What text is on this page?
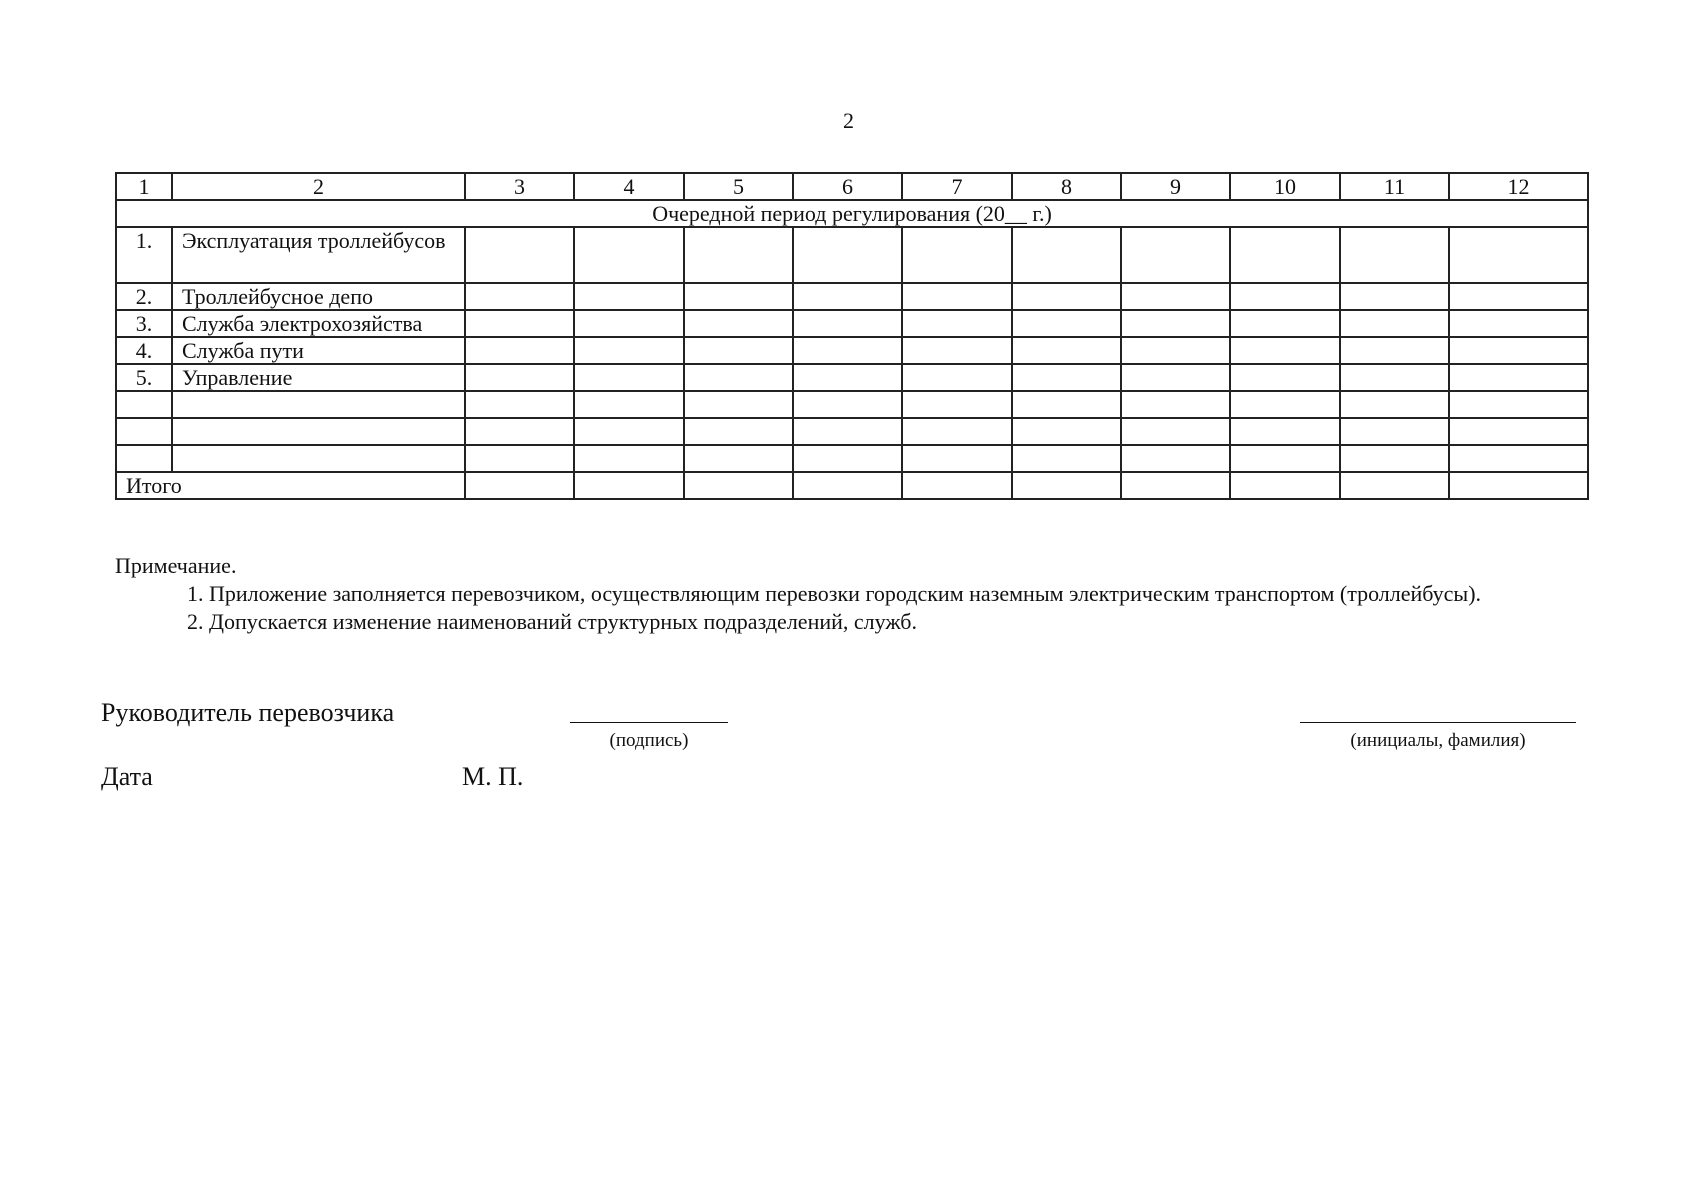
2
1	2	3	4	5	6	7	8	9	10	11	12
Очередной период регулирования (20__ г.)											
1.	Эксплуатация троллейбусов										
2.	Троллейбусное депо										
3.	Служба электрохозяйства										
4.	Служба пути										
5.	Управление										

Итого											

Примечание.

1. Приложение заполняется перевозчиком, осуществляющим перевозки городским наземным электрическим транспортом (троллейбусы).

2. Допускается изменение наименований структурных подразделений, служб.

Руководитель перевозчика
(подпись)	(инициалы, фамилия)
Дата	М. П.
